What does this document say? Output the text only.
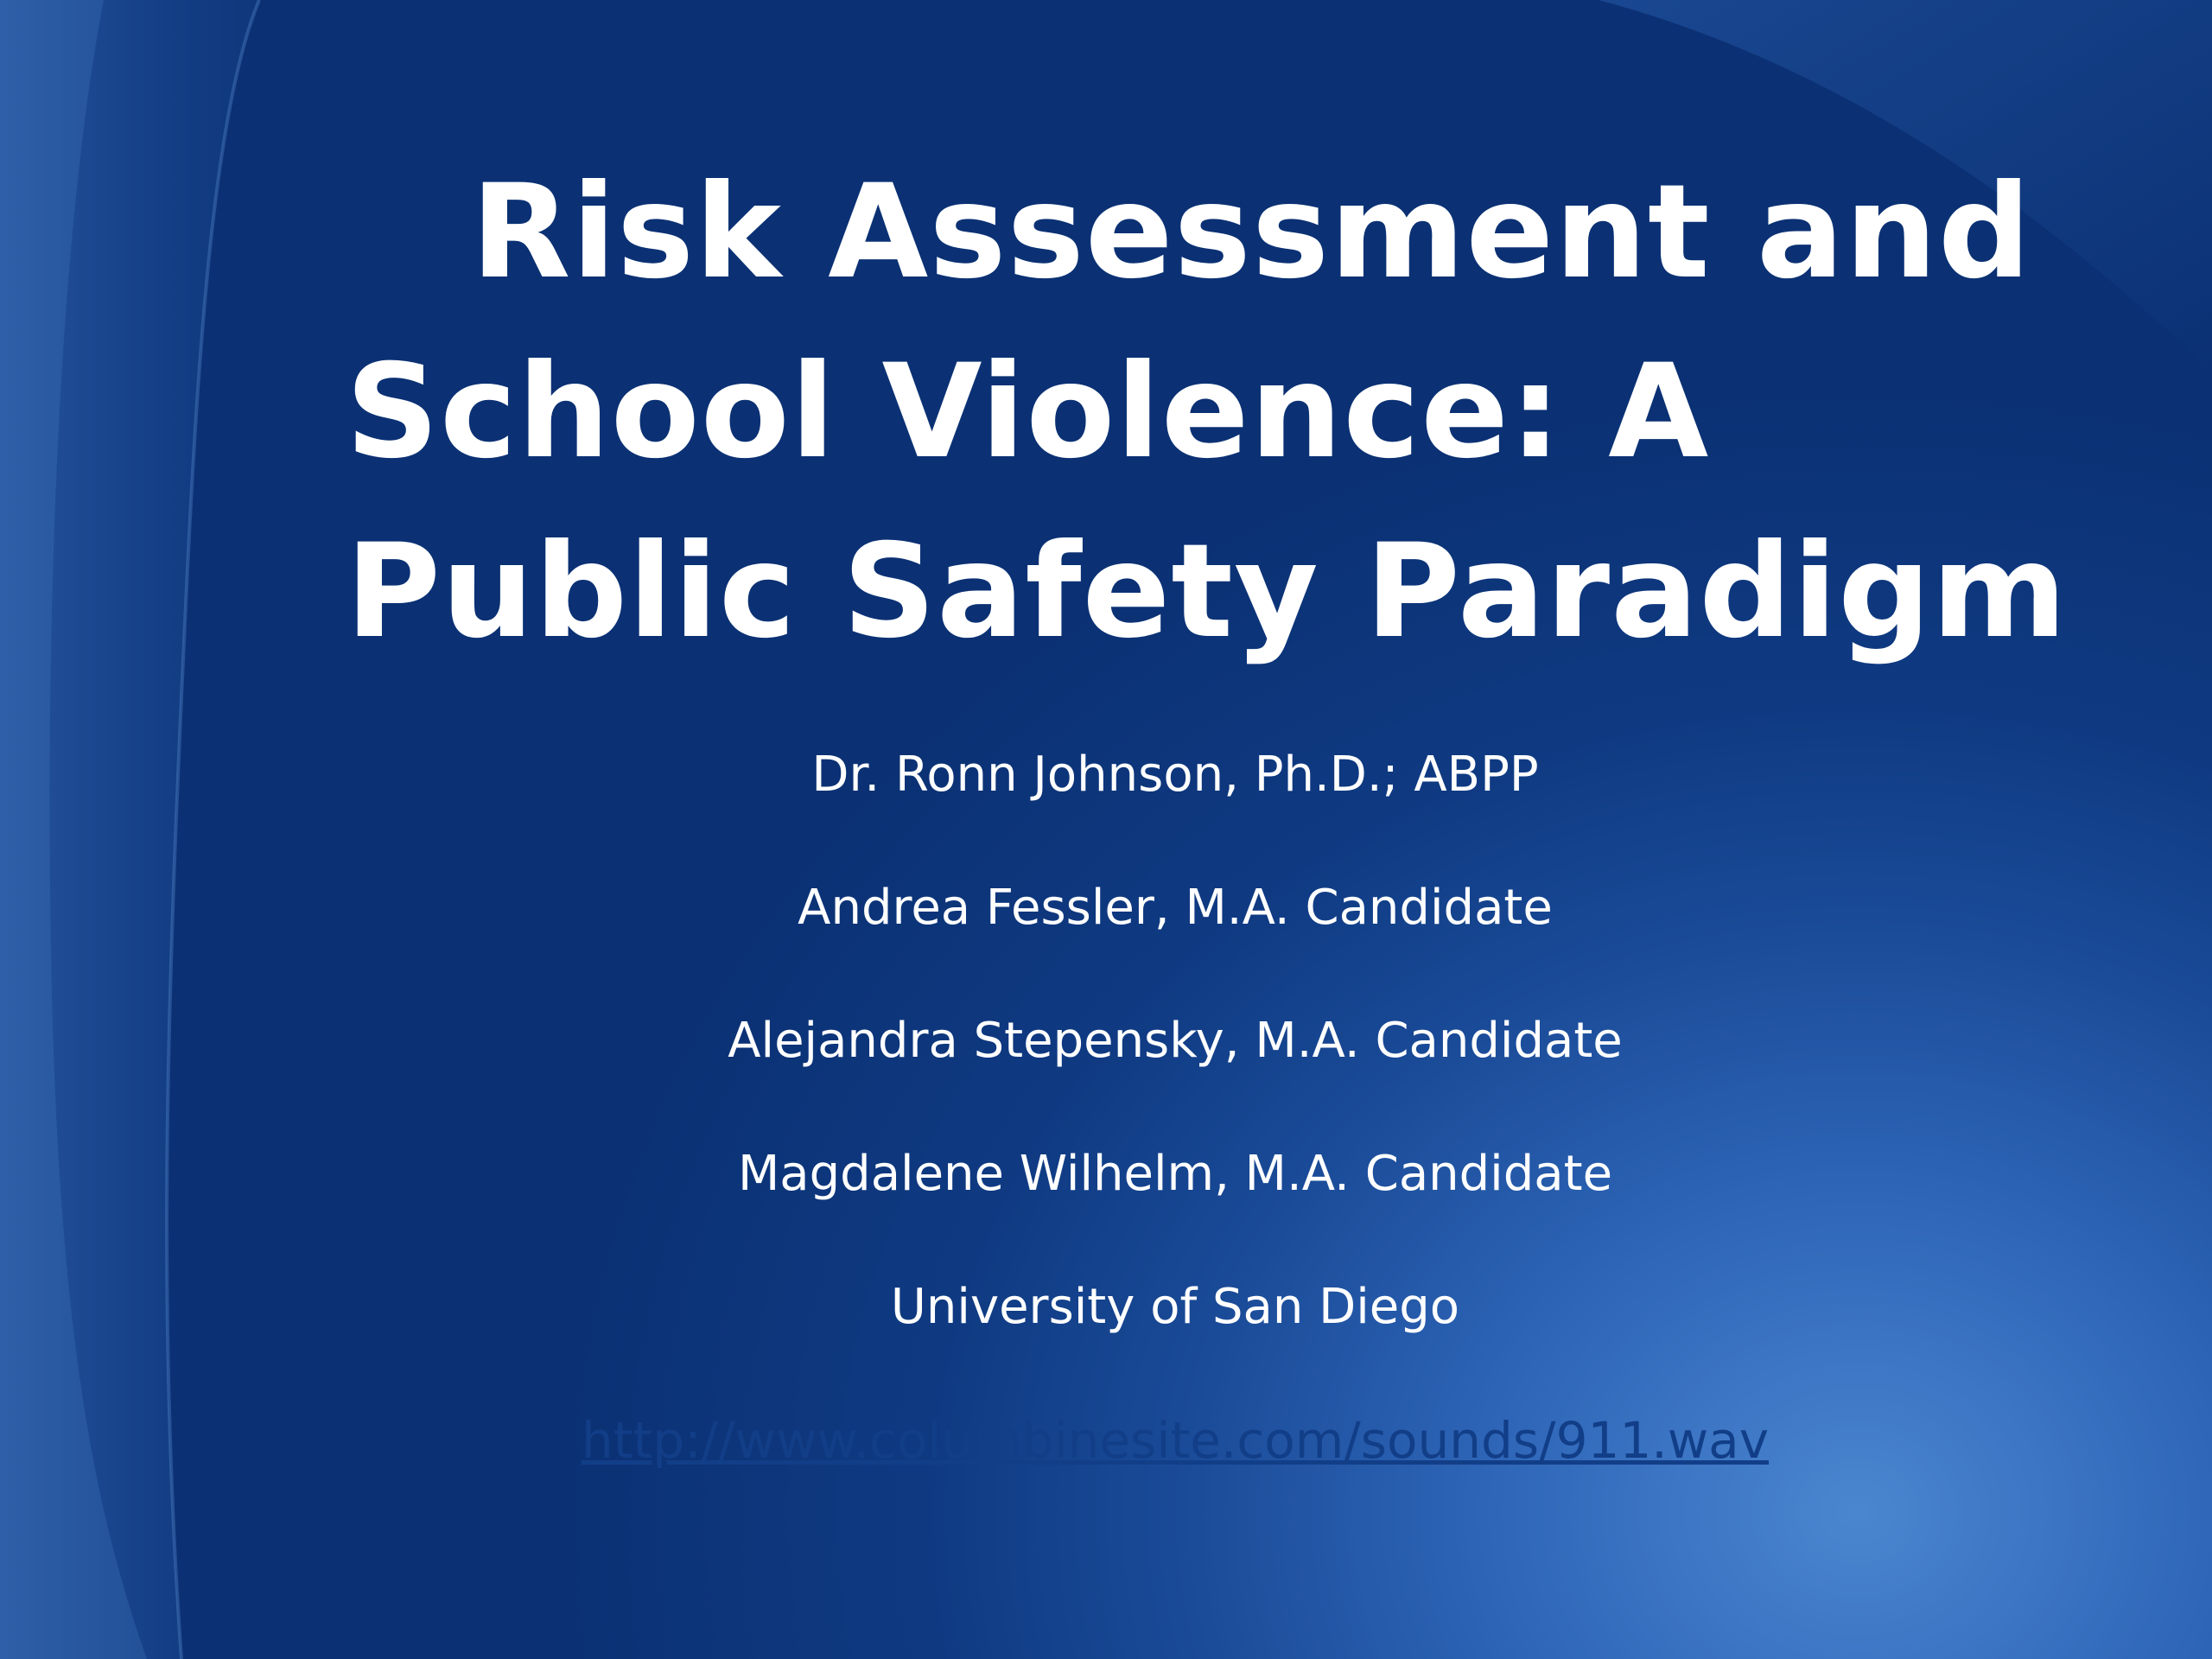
Risk Assessment and
School Violence: A
Public Safety Paradigm
Dr. Ronn Johnson, Ph.D.; ABPP
Andrea Fessler, M.A. Candidate
Alejandra Stepensky, M.A. Candidate
Magdalene Wilhelm, M.A. Candidate
University of San Diego
http://www.columbinesite.com/sounds/911.wav
